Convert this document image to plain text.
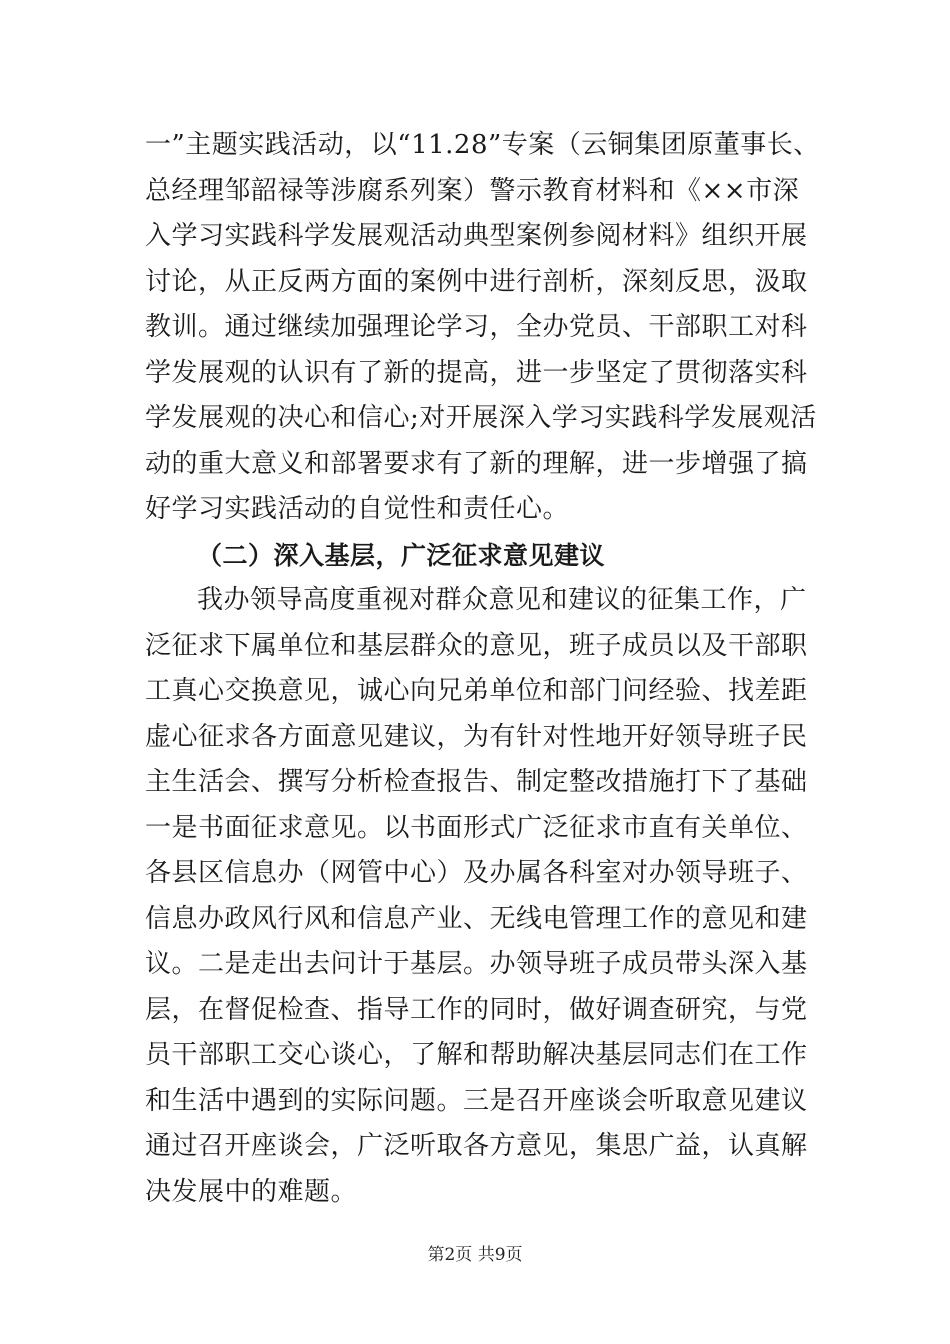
一”主题实践活动，以“11.28”专案（云铜集团原董事长、
总经理邹韶禄等涉腐系列案）警示教育材料和《××市深
入学习实践科学发展观活动典型案例参阅材料》组织开展
讨论，从正反两方面的案例中进行剖析，深刻反思，汲取
教训。通过继续加强理论学习，全办党员、干部职工对科
学发展观的认识有了新的提高，进一步坚定了贯彻落实科
学发展观的决心和信心;对开展深入学习实践科学发展观活
动的重大意义和部署要求有了新的理解，进一步增强了搞
好学习实践活动的自觉性和责任心。
（二）深入基层，广泛征求意见建议
我办领导高度重视对群众意见和建议的征集工作，广
泛征求下属单位和基层群众的意见，班子成员以及干部职
工真心交换意见，诚心向兄弟单位和部门问经验、找差距
虚心征求各方面意见建议，为有针对性地开好领导班子民
主生活会、撰写分析检查报告、制定整改措施打下了基础
一是书面征求意见。以书面形式广泛征求市直有关单位、
各县区信息办（网管中心）及办属各科室对办领导班子、
信息办政风行风和信息产业、无线电管理工作的意见和建
议。二是走出去问计于基层。办领导班子成员带头深入基
层，在督促检查、指导工作的同时，做好调查研究，与党
员干部职工交心谈心，了解和帮助解决基层同志们在工作
和生活中遇到的实际问题。三是召开座谈会听取意见建议
通过召开座谈会，广泛听取各方意见，集思广益，认真解
决发展中的难题。
第2页 共9页
